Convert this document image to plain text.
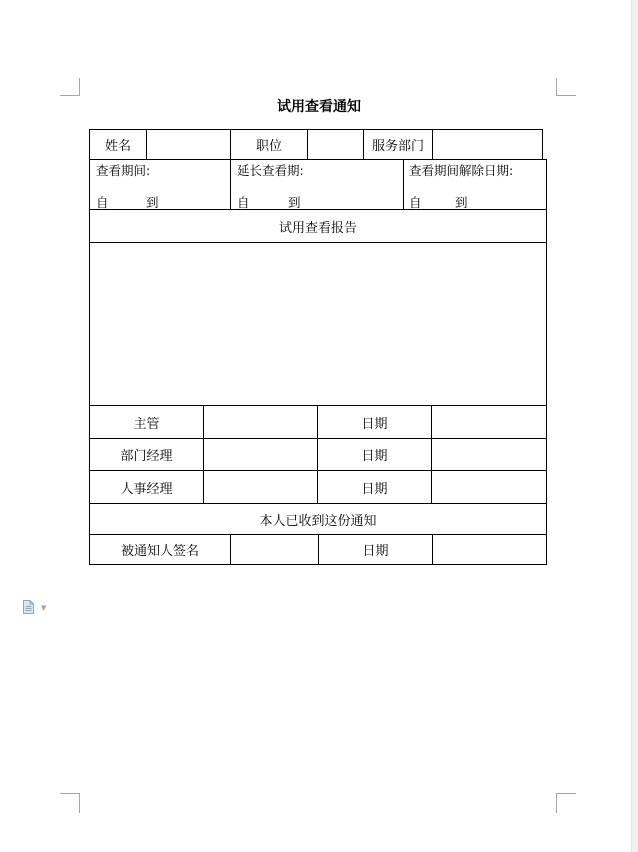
试用查看通知
姓名	职位	服务部门
查看期间:
自	到
延长查看期:
自	到
查看期间解除日期:
自	到
试用查看报告
主管	日期
部门经理	日期
人事经理	日期
本人已收到这份通知
被通知人签名	日期
▼
